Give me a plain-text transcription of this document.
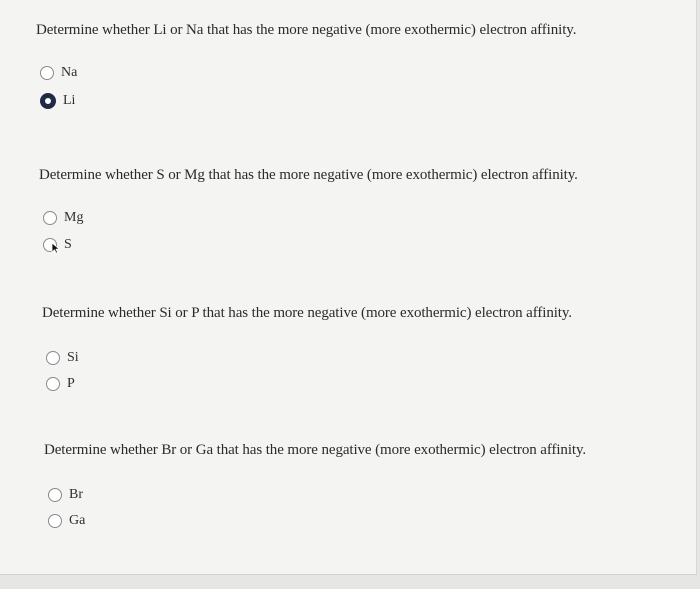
Determine whether Li or Na that has the more negative (more exothermic) electron affinity.
Na
Li
Determine whether S or Mg that has the more negative (more exothermic) electron affinity.
Mg
S
Determine whether Si or P that has the more negative (more exothermic) electron affinity.
Si
P
Determine whether Br or Ga that has the more negative (more exothermic) electron affinity.
Br
Ga
